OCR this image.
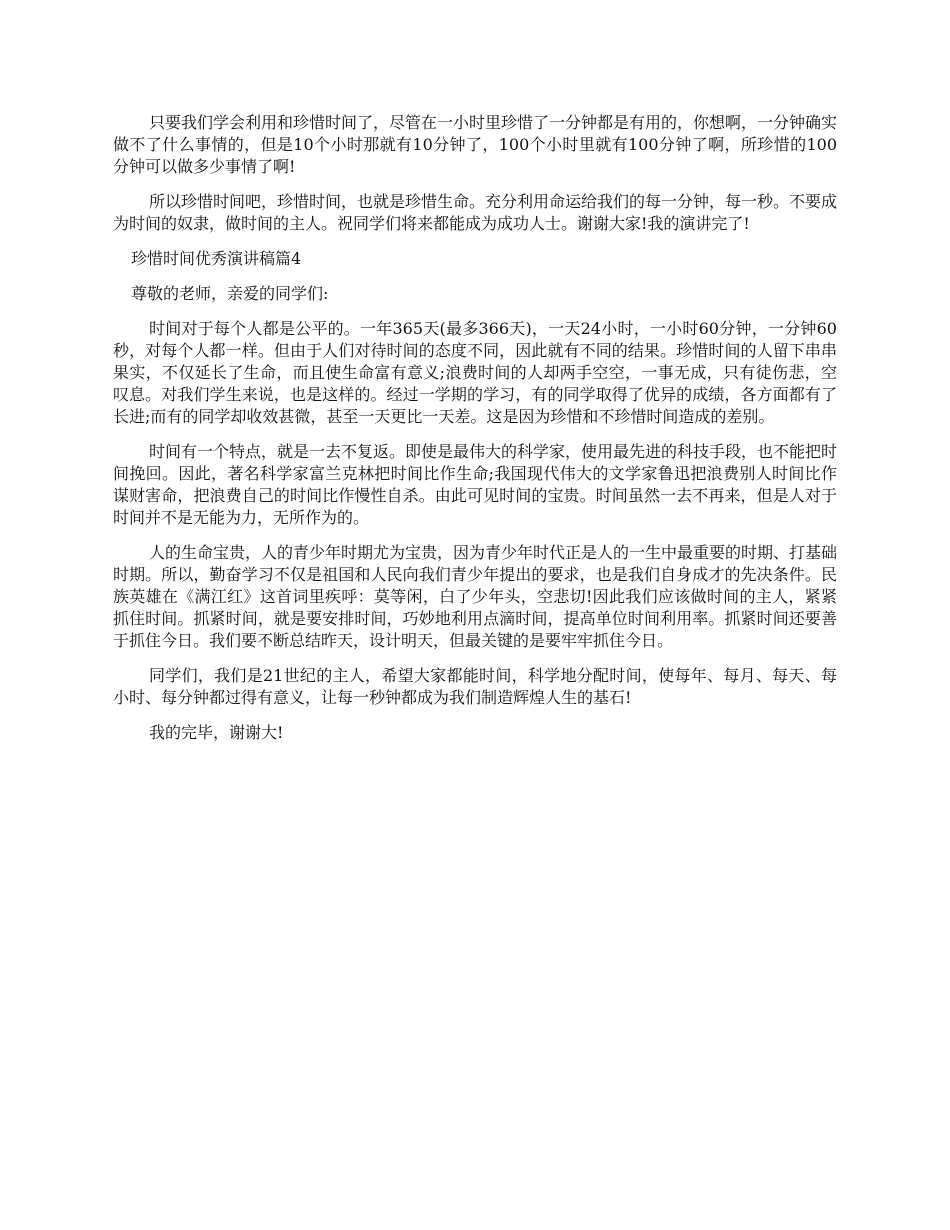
只要我们学会利用和珍惜时间了，尽管在一小时里珍惜了一分钟都是有用的，你想啊，一分钟确实做不了什么事情的，但是10个小时那就有10分钟了，100个小时里就有100分钟了啊，所珍惜的100分钟可以做多少事情了啊!

所以珍惜时间吧，珍惜时间，也就是珍惜生命。充分利用命运给我们的每一分钟，每一秒。不要成为时间的奴隶，做时间的主人。祝同学们将来都能成为成功人士。谢谢大家!我的演讲完了!

珍惜时间优秀演讲稿篇4

尊敬的老师，亲爱的同学们:

时间对于每个人都是公平的。一年365天(最多366天)，一天24小时，一小时60分钟，一分钟60秒，对每个人都一样。但由于人们对待时间的态度不同，因此就有不同的结果。珍惜时间的人留下串串果实，不仅延长了生命，而且使生命富有意义;浪费时间的人却两手空空，一事无成，只有徒伤悲，空叹息。对我们学生来说，也是这样的。经过一学期的学习，有的同学取得了优异的成绩，各方面都有了长进;而有的同学却收效甚微，甚至一天更比一天差。这是因为珍惜和不珍惜时间造成的差别。

时间有一个特点，就是一去不复返。即使是最伟大的科学家，使用最先进的科技手段，也不能把时间挽回。因此，著名科学家富兰克林把时间比作生命;我国现代伟大的文学家鲁迅把浪费别人时间比作谋财害命，把浪费自己的时间比作慢性自杀。由此可见时间的宝贵。时间虽然一去不再来，但是人对于时间并不是无能为力，无所作为的。

人的生命宝贵，人的青少年时期尤为宝贵，因为青少年时代正是人的一生中最重要的时期、打基础时期。所以，勤奋学习不仅是祖国和人民向我们青少年提出的要求，也是我们自身成才的先决条件。民族英雄在《满江红》这首词里疾呼：莫等闲，白了少年头，空悲切!因此我们应该做时间的主人，紧紧抓住时间。抓紧时间，就是要安排时间，巧妙地利用点滴时间，提高单位时间利用率。抓紧时间还要善于抓住今日。我们要不断总结昨天，设计明天，但最关键的是要牢牢抓住今日。

同学们，我们是21世纪的主人，希望大家都能时间，科学地分配时间，使每年、每月、每天、每小时、每分钟都过得有意义，让每一秒钟都成为我们制造辉煌人生的基石!

我的完毕，谢谢大!
